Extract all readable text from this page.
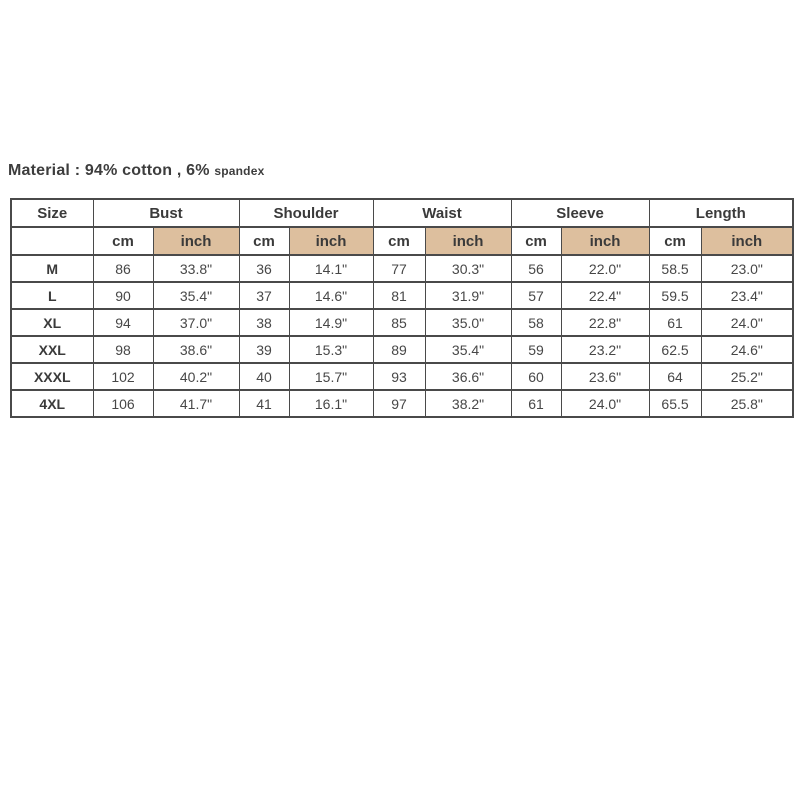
Material : 94% cotton , 6% spandex

Size	Bust		Shoulder		Waist		Sleeve		Length	
	cm	inch	cm	inch	cm	inch	cm	inch	cm	inch
M	86	33.8"	36	14.1"	77	30.3"	56	22.0"	58.5	23.0"
L	90	35.4"	37	14.6"	81	31.9"	57	22.4"	59.5	23.4"
XL	94	37.0"	38	14.9"	85	35.0"	58	22.8"	61	24.0"
XXL	98	38.6"	39	15.3"	89	35.4"	59	23.2"	62.5	24.6"
XXXL	102	40.2"	40	15.7"	93	36.6"	60	23.6"	64	25.2"
4XL	106	41.7"	41	16.1"	97	38.2"	61	24.0"	65.5	25.8"
